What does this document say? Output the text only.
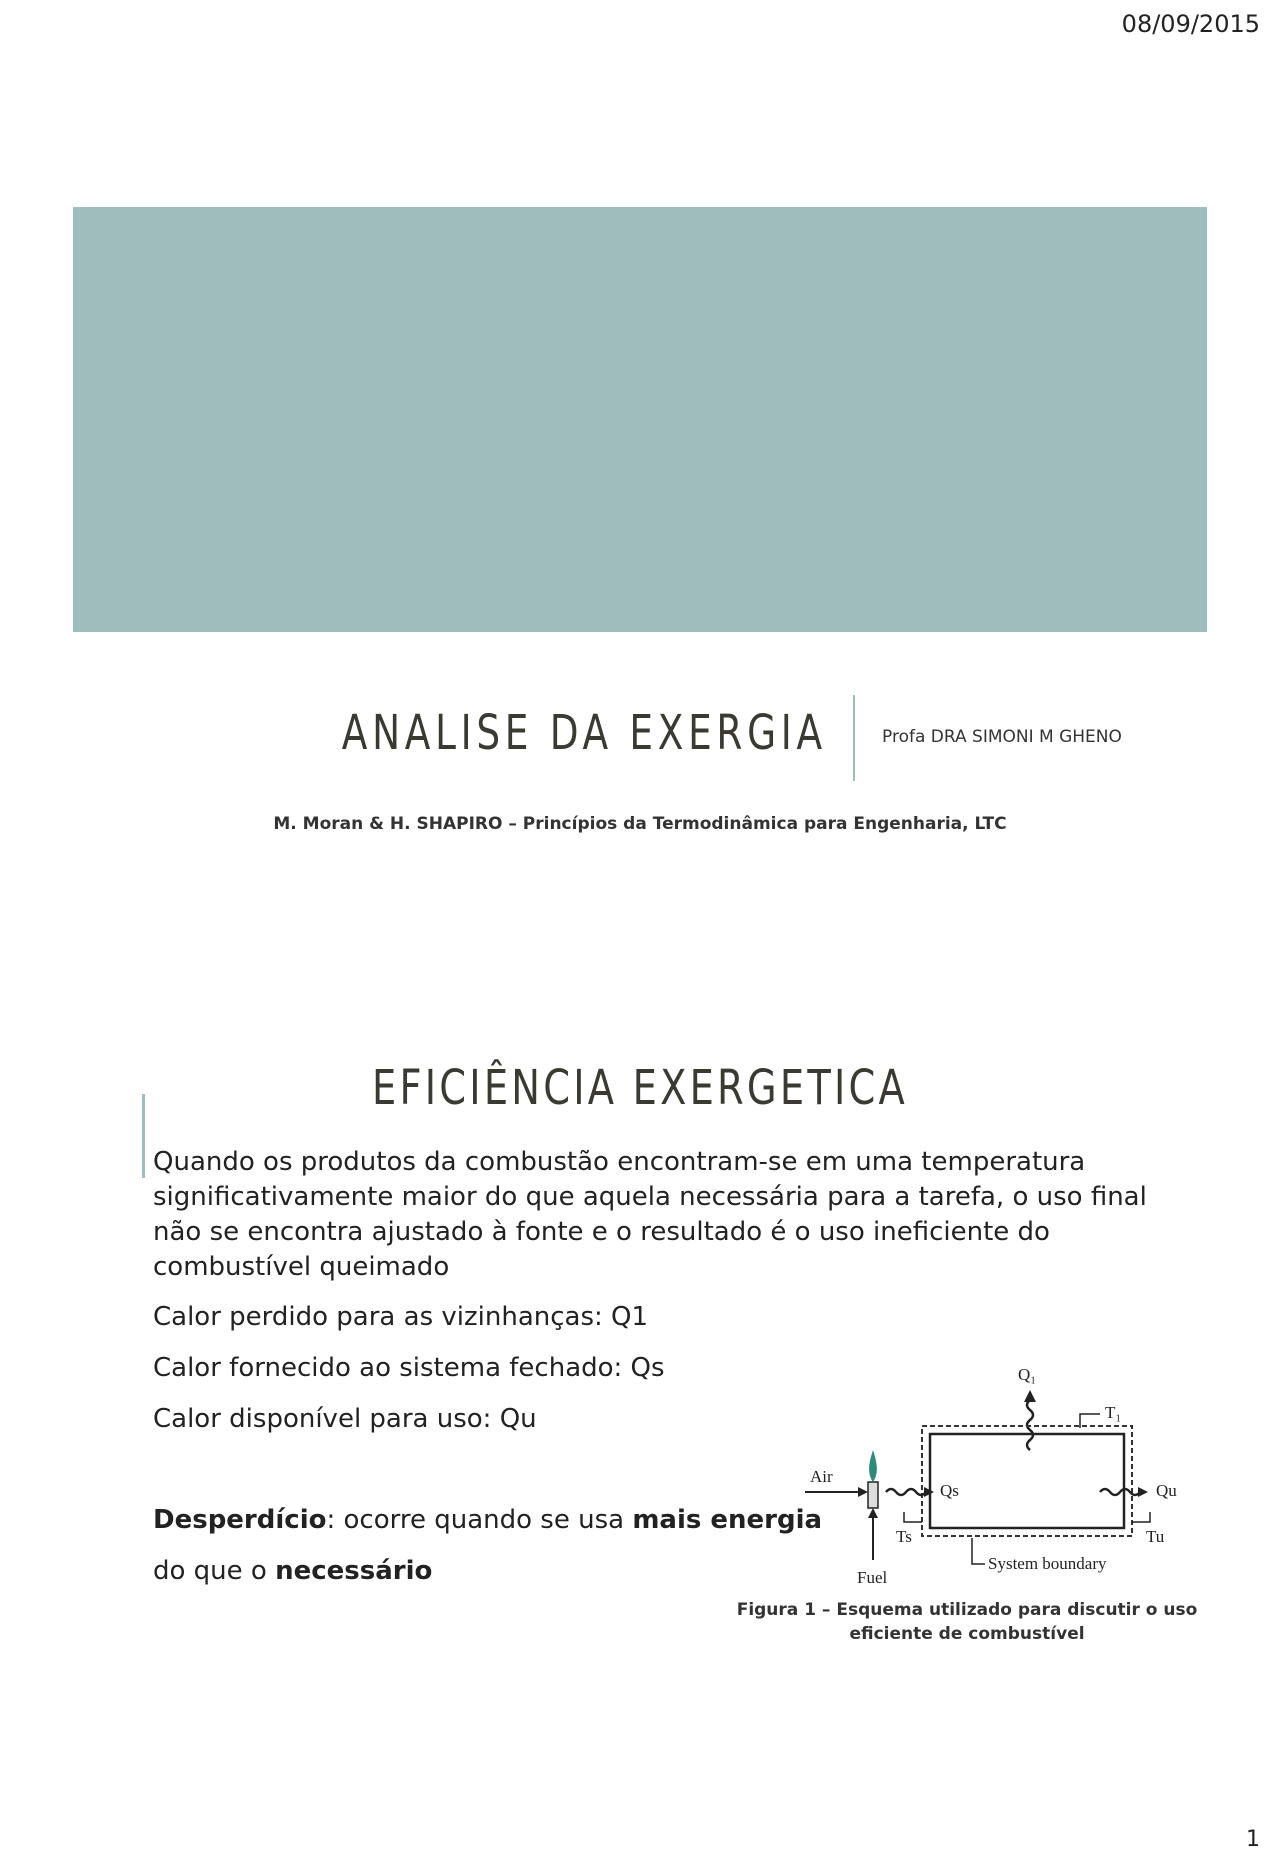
08/09/2015
ANALISE DA EXERGIA	Profa DRA SIMONI M GHENO
M. Moran & H. SHAPIRO – Princípios da Termodinâmica para Engenharia, LTC
EFICIÊNCIA EXERGETICA
Quando os produtos da combustão encontram-se em uma temperatura significativamente maior do que aquela necessária para a tarefa, o uso final não se encontra ajustado à fonte e o resultado é o uso ineficiente do combustível queimado
Calor perdido para as vizinhanças: Q1
Calor fornecido ao sistema fechado: Qs
Calor disponível para uso: Qu
Desperdício: ocorre quando se usa mais energia
do que o necessário
Q₁
T₁
Air
Fuel
Qs	Qu
Ts	Tu
System boundary
Figura 1 – Esquema utilizado para discutir o uso eficiente de combustível
1
